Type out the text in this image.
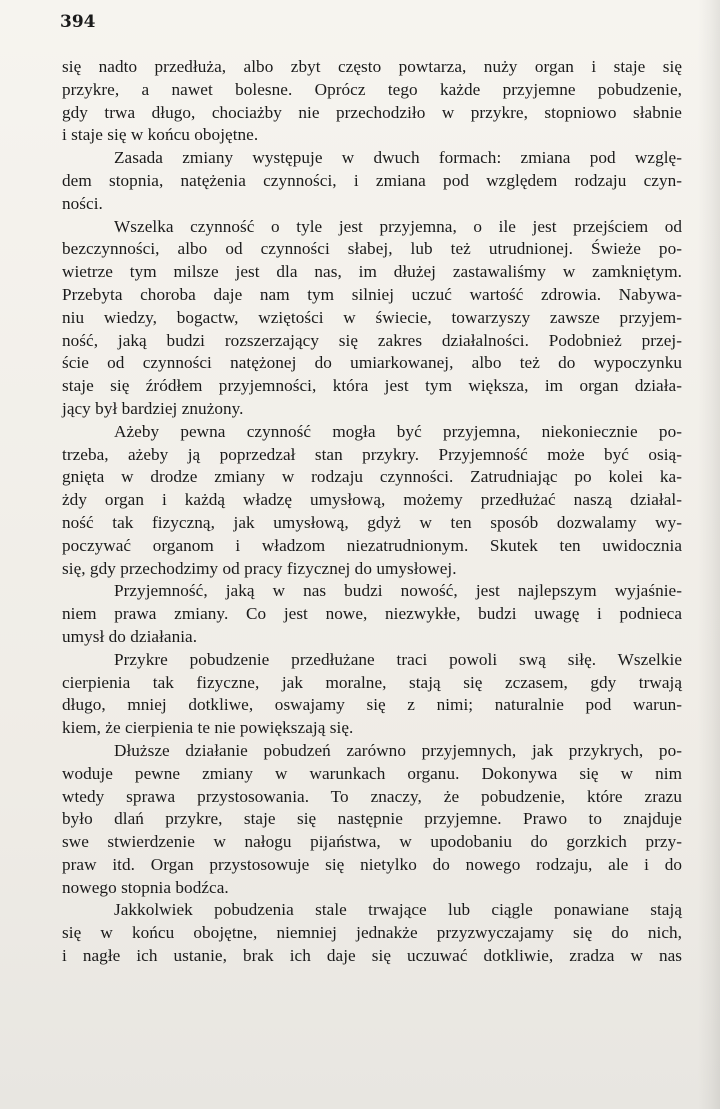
394
się nadto przedłuża, albo zbyt często powtarza, nuży organ i staje się
przykre, a nawet bolesne. Oprócz tego każde przyjemne pobudzenie,
gdy trwa długo, chociażby nie przechodziło w przykre, stopniowo słabnie
i staje się w końcu obojętne.
Zasada zmiany występuje w dwuch formach: zmiana pod wzglę-
dem stopnia, natężenia czynności, i zmiana pod względem rodzaju czyn-
ności.
Wszelka czynność o tyle jest przyjemna, o ile jest przejściem od
bezczynności, albo od czynności słabej, lub też utrudnionej. Świeże po-
wietrze tym milsze jest dla nas, im dłużej zastawaliśmy w zamkniętym.
Przebyta choroba daje nam tym silniej uczuć wartość zdrowia. Nabywa-
niu wiedzy, bogactw, wziętości w świecie, towarzyszy zawsze przyjem-
ność, jaką budzi rozszerzający się zakres działalności. Podobnież przej-
ście od czynności natężonej do umiarkowanej, albo też do wypoczynku
staje się źródłem przyjemności, która jest tym większa, im organ działa-
jący był bardziej znużony.
Ażeby pewna czynność mogła być przyjemna, niekoniecznie po-
trzeba, ażeby ją poprzedzał stan przykry. Przyjemność może być osią-
gnięta w drodze zmiany w rodzaju czynności. Zatrudniając po kolei ka-
żdy organ i każdą władzę umysłową, możemy przedłużać naszą działal-
ność tak fizyczną, jak umysłową, gdyż w ten sposób dozwalamy wy-
poczywać organom i władzom niezatrudnionym. Skutek ten uwidocznia
się, gdy przechodzimy od pracy fizycznej do umysłowej.
Przyjemność, jaką w nas budzi nowość, jest najlepszym wyjaśnie-
niem prawa zmiany. Co jest nowe, niezwykłe, budzi uwagę i podnieca
umysł do działania.
Przykre pobudzenie przedłużane traci powoli swą siłę. Wszelkie
cierpienia tak fizyczne, jak moralne, stają się zczasem, gdy trwają
długo, mniej dotkliwe, oswajamy się z nimi; naturalnie pod warun-
kiem, że cierpienia te nie powiększają się.
Dłuższe działanie pobudzeń zarówno przyjemnych, jak przykrych, po-
woduje pewne zmiany w warunkach organu. Dokonywa się w nim
wtedy sprawa przystosowania. To znaczy, że pobudzenie, które zrazu
było dlań przykre, staje się następnie przyjemne. Prawo to znajduje
swe stwierdzenie w nałogu pijaństwa, w upodobaniu do gorzkich przy-
praw itd. Organ przystosowuje się nietylko do nowego rodzaju, ale i do
nowego stopnia bodźca.
Jakkolwiek pobudzenia stale trwające lub ciągle ponawiane stają
się w końcu obojętne, niemniej jednakże przyzwyczajamy się do nich,
i nagłe ich ustanie, brak ich daje się uczuwać dotkliwie, zradza w nas
